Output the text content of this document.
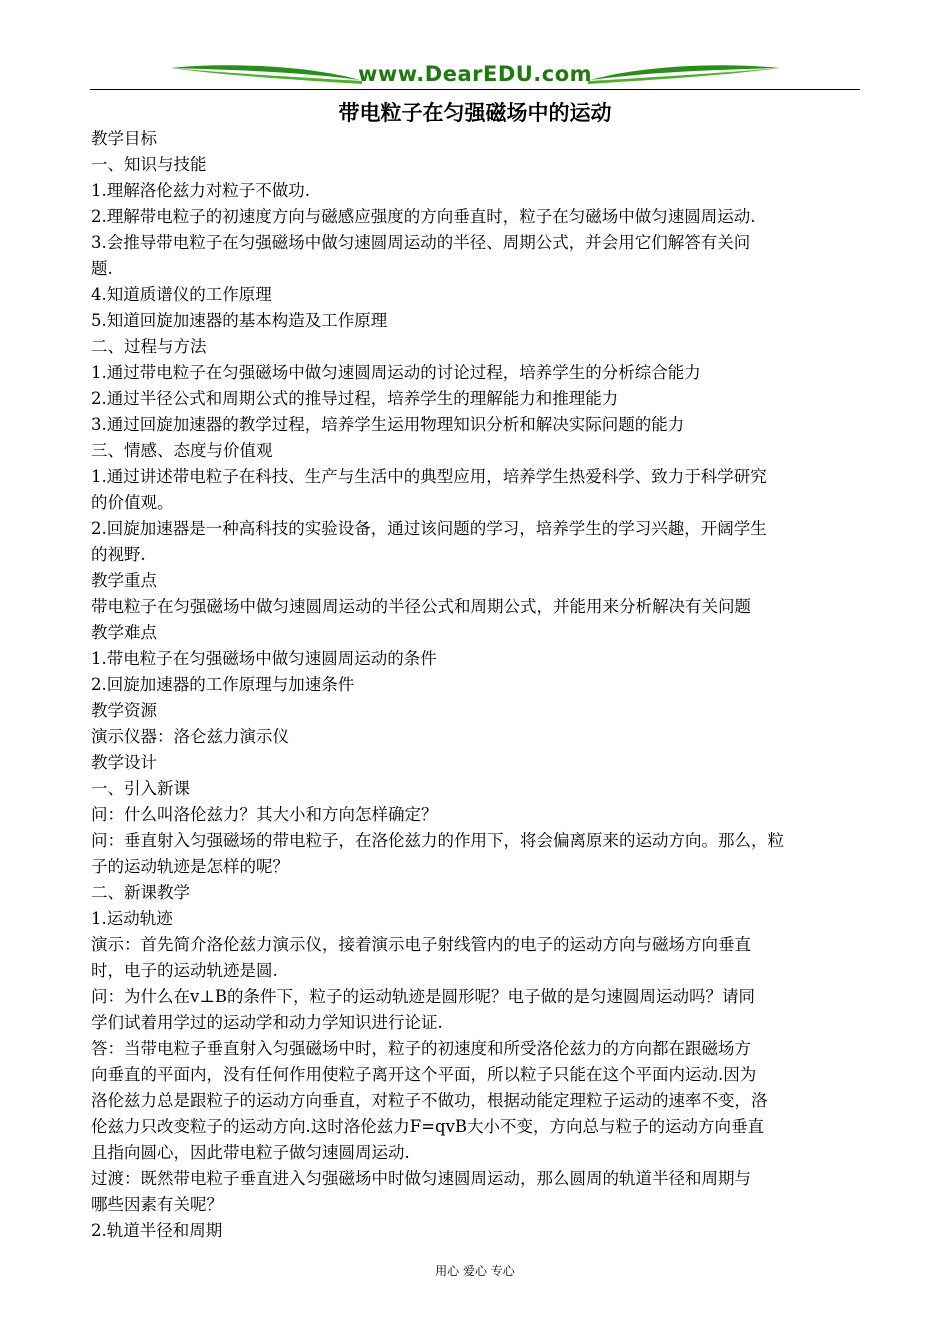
www.DearEDU.com
带电粒子在匀强磁场中的运动
教学目标
一、知识与技能
1.理解洛伦兹力对粒子不做功.
2.理解带电粒子的初速度方向与磁感应强度的方向垂直时，粒子在匀磁场中做匀速圆周运动.
3.会推导带电粒子在匀强磁场中做匀速圆周运动的半径、周期公式，并会用它们解答有关问
题.
4.知道质谱仪的工作原理
5.知道回旋加速器的基本构造及工作原理
二、过程与方法
1.通过带电粒子在匀强磁场中做匀速圆周运动的讨论过程，培养学生的分析综合能力
2.通过半径公式和周期公式的推导过程，培养学生的理解能力和推理能力
3.通过回旋加速器的教学过程，培养学生运用物理知识分析和解决实际问题的能力
三、情感、态度与价值观
1.通过讲述带电粒子在科技、生产与生活中的典型应用，培养学生热爱科学、致力于科学研究
的价值观。
2.回旋加速器是一种高科技的实验设备，通过该问题的学习，培养学生的学习兴趣，开阔学生
的视野.
教学重点
带电粒子在匀强磁场中做匀速圆周运动的半径公式和周期公式，并能用来分析解决有关问题
教学难点
1.带电粒子在匀强磁场中做匀速圆周运动的条件
2.回旋加速器的工作原理与加速条件
教学资源
演示仪器：洛仑兹力演示仪
教学设计
一、引入新课
问：什么叫洛伦兹力？其大小和方向怎样确定？
问：垂直射入匀强磁场的带电粒子，在洛伦兹力的作用下，将会偏离原来的运动方向。那么，粒
子的运动轨迹是怎样的呢？
二、新课教学
1.运动轨迹
演示：首先简介洛伦兹力演示仪，接着演示电子射线管内的电子的运动方向与磁场方向垂直
时，电子的运动轨迹是圆.
问：为什么在v⊥B的条件下，粒子的运动轨迹是圆形呢？电子做的是匀速圆周运动吗？请同
学们试着用学过的运动学和动力学知识进行论证.
答：当带电粒子垂直射入匀强磁场中时，粒子的初速度和所受洛伦兹力的方向都在跟磁场方
向垂直的平面内，没有任何作用使粒子离开这个平面，所以粒子只能在这个平面内运动.因为
洛伦兹力总是跟粒子的运动方向垂直，对粒子不做功，根据动能定理粒子运动的速率不变，洛
伦兹力只改变粒子的运动方向.这时洛伦兹力F=qvB大小不变，方向总与粒子的运动方向垂直
且指向圆心，因此带电粒子做匀速圆周运动.
过渡：既然带电粒子垂直进入匀强磁场中时做匀速圆周运动，那么圆周的轨道半径和周期与
哪些因素有关呢？
2.轨道半径和周期
用心 爱心 专心
